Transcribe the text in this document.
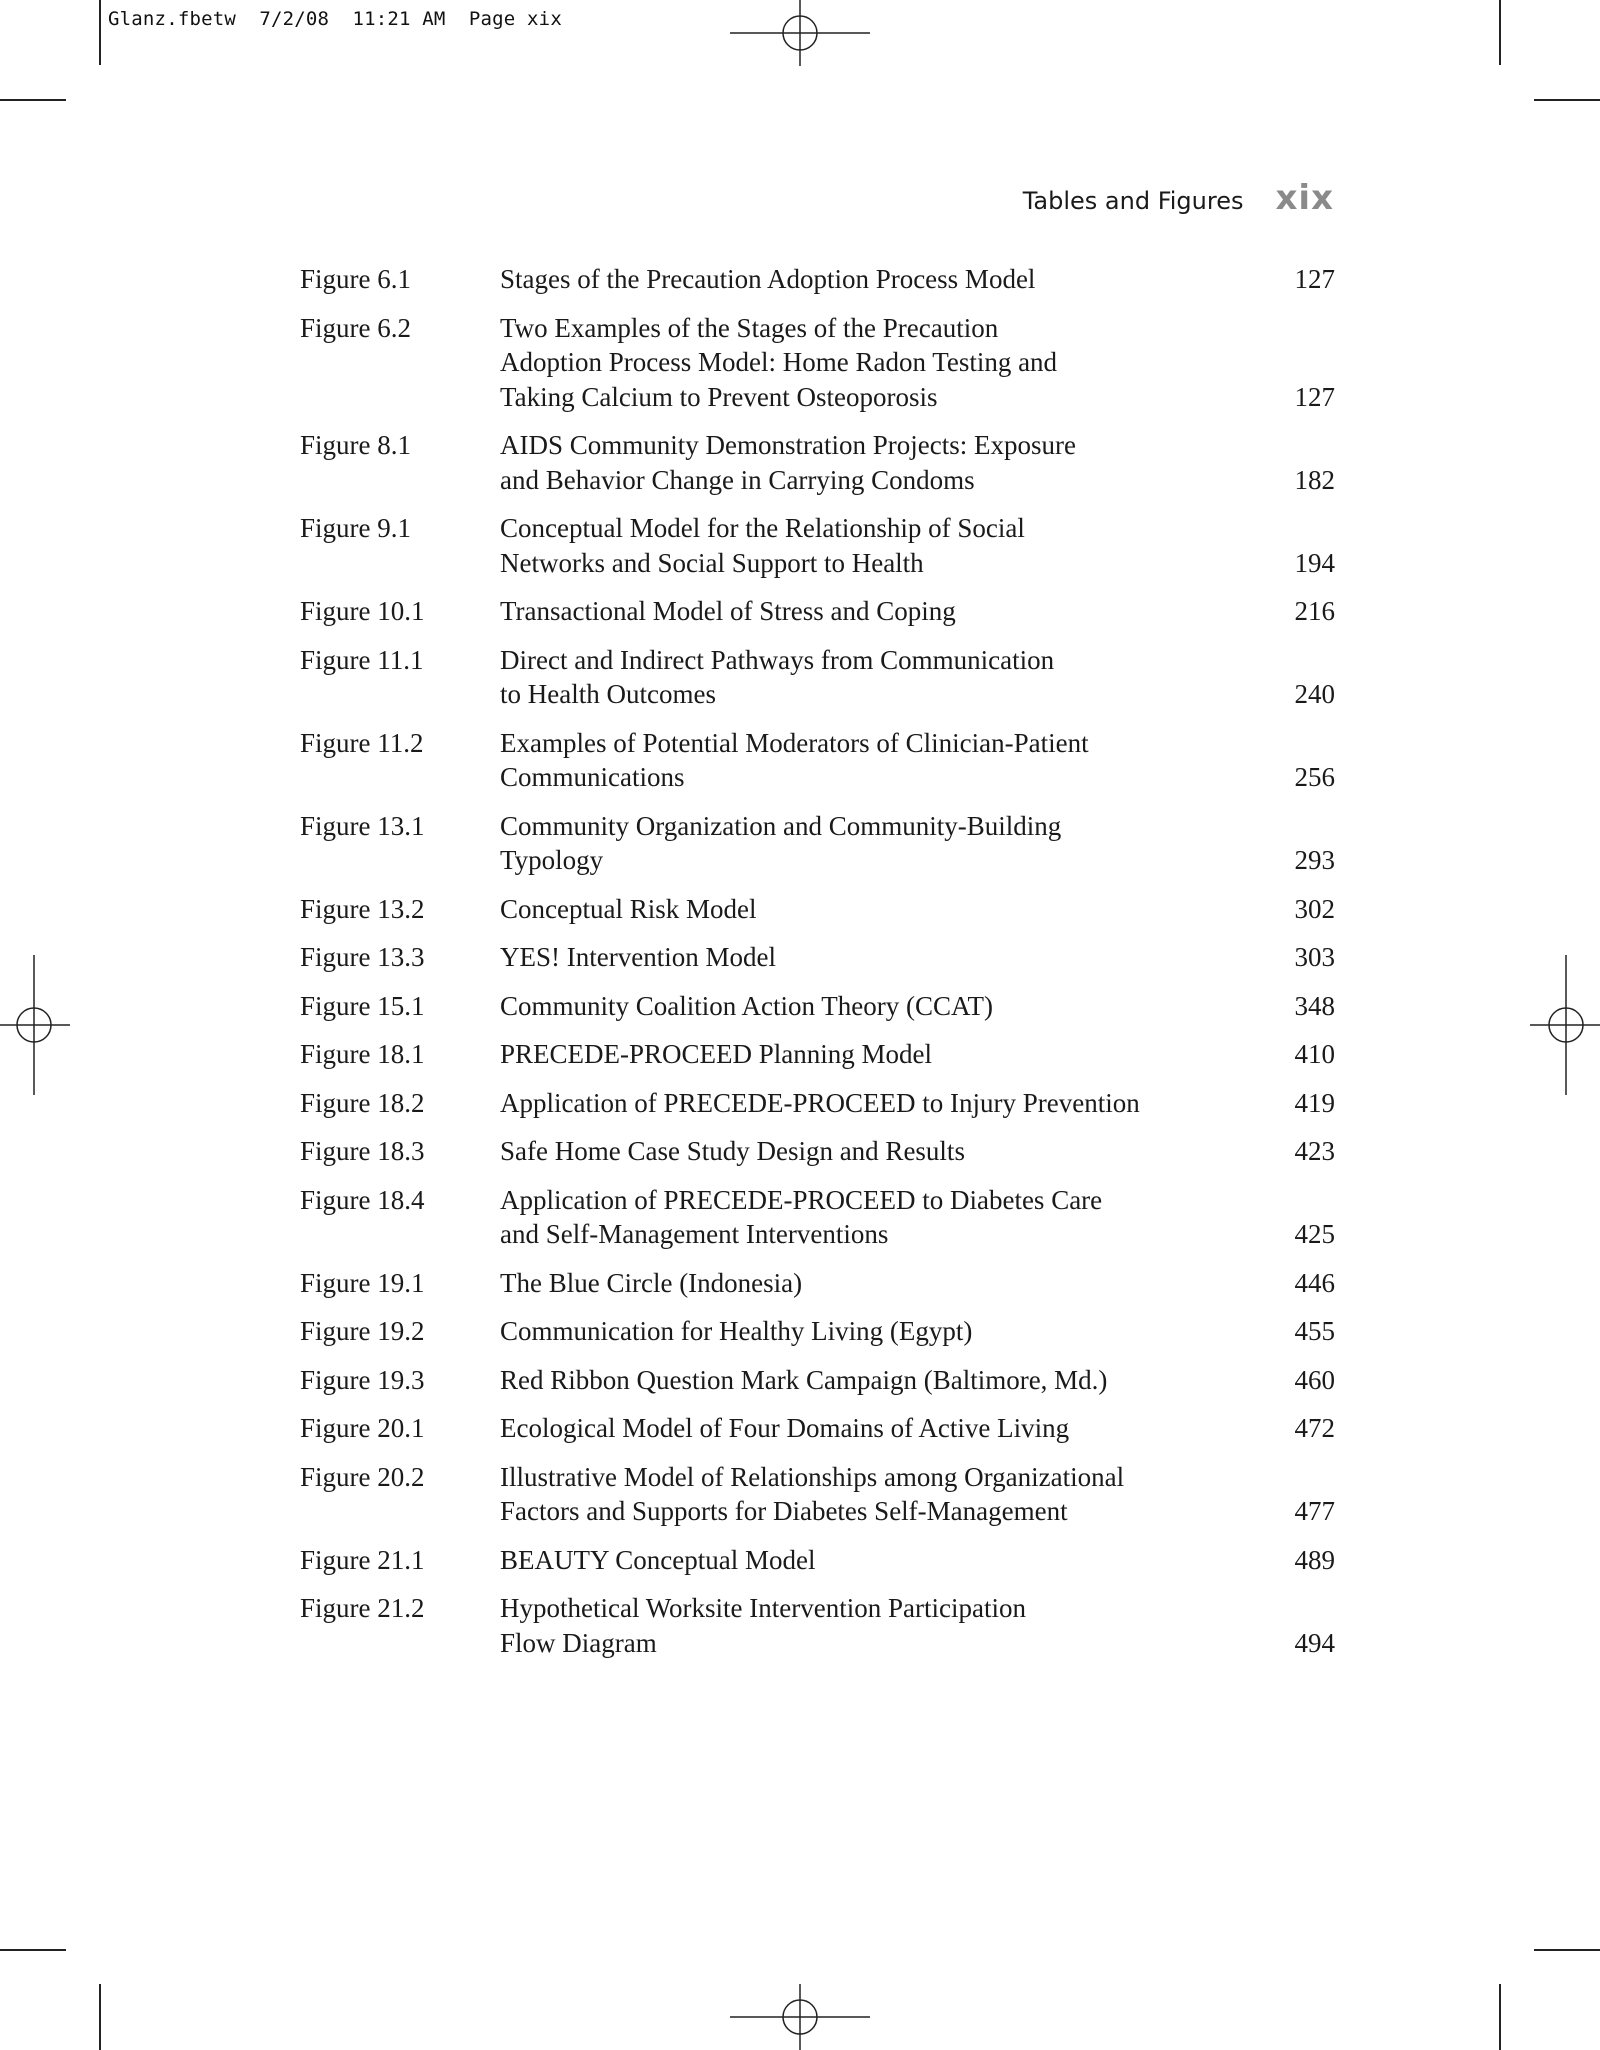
Glanz.fbetw 7/2/08 11:21 AM Page xix
Tables and Figures xix
Figure 6.1	Stages of the Precaution Adoption Process Model	127
Figure 6.2	Two Examples of the Stages of the Precaution
Adoption Process Model: Home Radon Testing and
Taking Calcium to Prevent Osteoporosis	127
Figure 8.1	AIDS Community Demonstration Projects: Exposure
and Behavior Change in Carrying Condoms	182
Figure 9.1	Conceptual Model for the Relationship of Social
Networks and Social Support to Health	194
Figure 10.1	Transactional Model of Stress and Coping	216
Figure 11.1	Direct and Indirect Pathways from Communication
to Health Outcomes	240
Figure 11.2	Examples of Potential Moderators of Clinician-Patient
Communications	256
Figure 13.1	Community Organization and Community-Building
Typology	293
Figure 13.2	Conceptual Risk Model	302
Figure 13.3	YES! Intervention Model	303
Figure 15.1	Community Coalition Action Theory (CCAT)	348
Figure 18.1	PRECEDE-PROCEED Planning Model	410
Figure 18.2	Application of PRECEDE-PROCEED to Injury Prevention	419
Figure 18.3	Safe Home Case Study Design and Results	423
Figure 18.4	Application of PRECEDE-PROCEED to Diabetes Care
and Self-Management Interventions	425
Figure 19.1	The Blue Circle (Indonesia)	446
Figure 19.2	Communication for Healthy Living (Egypt)	455
Figure 19.3	Red Ribbon Question Mark Campaign (Baltimore, Md.)	460
Figure 20.1	Ecological Model of Four Domains of Active Living	472
Figure 20.2	Illustrative Model of Relationships among Organizational
Factors and Supports for Diabetes Self-Management	477
Figure 21.1	BEAUTY Conceptual Model	489
Figure 21.2	Hypothetical Worksite Intervention Participation
Flow Diagram	494
